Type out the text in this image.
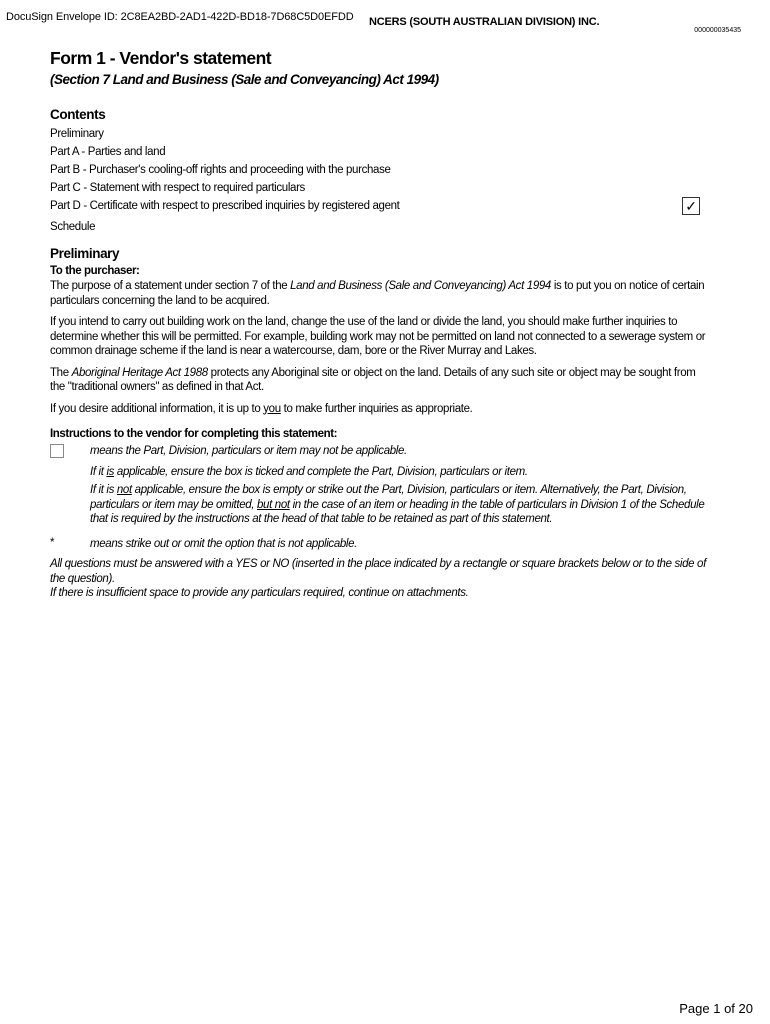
DocuSign Envelope ID: 2C8EA2BD-2AD1-422D-BD18-7D68C5D0EFDD NCERS (SOUTH AUSTRALIAN DIVISION) INC.
000000035435
Form 1 - Vendor's statement
(Section 7 Land and Business (Sale and Conveyancing) Act 1994)
Contents
Preliminary
Part A - Parties and land
Part B - Purchaser's cooling-off rights and proceeding with the purchase
Part C - Statement with respect to required particulars
Part D - Certificate with respect to prescribed inquiries by registered agent	✓
Schedule
Preliminary
To the purchaser:

The purpose of a statement under section 7 of the Land and Business (Sale and Conveyancing) Act 1994 is to put you on notice of certain particulars concerning the land to be acquired.

If you intend to carry out building work on the land, change the use of the land or divide the land, you should make further inquiries to determine whether this will be permitted. For example, building work may not be permitted on land not connected to a sewerage system or common drainage scheme if the land is near a watercourse, dam, bore or the River Murray and Lakes.

The Aboriginal Heritage Act 1988 protects any Aboriginal site or object on the land. Details of any such site or object may be sought from the "traditional owners" as defined in that Act.

If you desire additional information, it is up to you to make further inquiries as appropriate.

Instructions to the vendor for completing this statement:
means the Part, Division, particulars or item may not be applicable.
If it is applicable, ensure the box is ticked and complete the Part, Division, particulars or item.
If it is not applicable, ensure the box is empty or strike out the Part, Division, particulars or item. Alternatively, the Part, Division, particulars or item may be omitted, but not in the case of an item or heading in the table of particulars in Division 1 of the Schedule that is required by the instructions at the head of that table to be retained as part of this statement.
*	means strike out or omit the option that is not applicable.

All questions must be answered with a YES or NO (inserted in the place indicated by a rectangle or square brackets below or to the side of the question).

If there is insufficient space to provide any particulars required, continue on attachments.

Page 1 of 20
